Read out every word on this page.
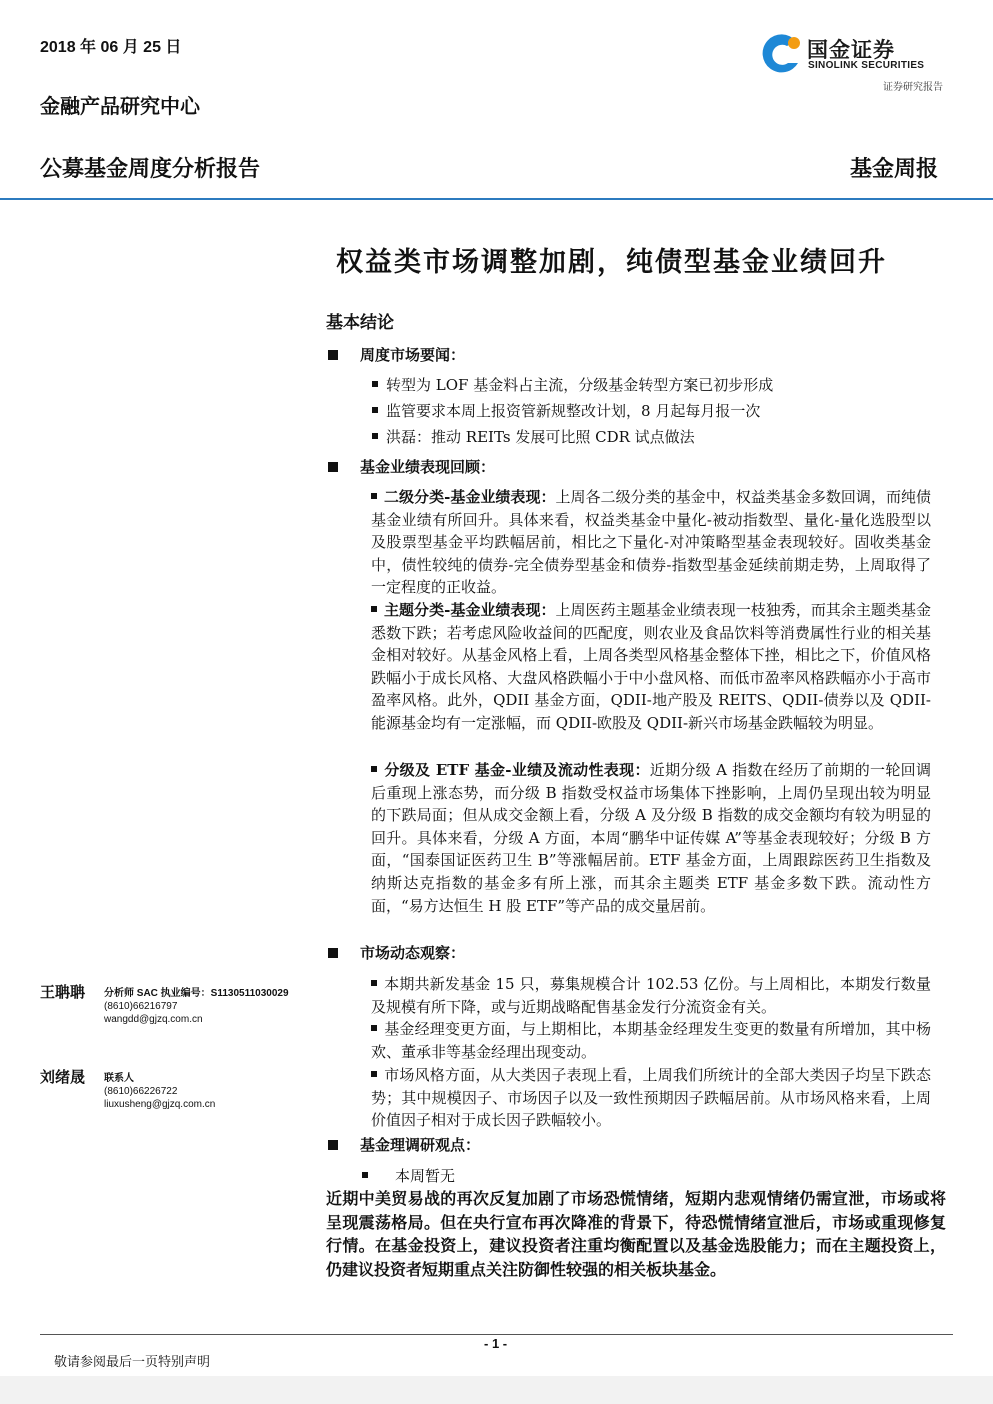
2018 年 06 月 25 日
金融产品研究中心
公募基金周度分析报告	基金周报
国金证券
SINOLINK SECURITIES
证券研究报告
权益类市场调整加剧，纯债型基金业绩回升
基本结论
周度市场要闻：
转型为 LOF 基金料占主流，分级基金转型方案已初步形成
监管要求本周上报资管新规整改计划，8 月起每月报一次
洪磊：推动 REITs 发展可比照 CDR 试点做法
基金业绩表现回顾：
二级分类-基金业绩表现：上周各二级分类的基金中，权益类基金多数回调，而纯债基金业绩有所回升。具体来看，权益类基金中量化-被动指数型、量化-量化选股型以及股票型基金平均跌幅居前，相比之下量化-对冲策略型基金表现较好。固收类基金中，债性较纯的债券-完全债券型基金和债券-指数型基金延续前期走势，上周取得了一定程度的正收益。
主题分类-基金业绩表现：上周医药主题基金业绩表现一枝独秀，而其余主题类基金悉数下跌；若考虑风险收益间的匹配度，则农业及食品饮料等消费属性行业的相关基金相对较好。从基金风格上看，上周各类型风格基金整体下挫，相比之下，价值风格跌幅小于成长风格、大盘风格跌幅小于中小盘风格、而低市盈率风格跌幅亦小于高市盈率风格。此外，QDII 基金方面，QDII-地产股及 REITS、QDII-债券以及 QDII-能源基金均有一定涨幅，而 QDII-欧股及 QDII-新兴市场基金跌幅较为明显。
分级及 ETF 基金-业绩及流动性表现：近期分级 A 指数在经历了前期的一轮回调后重现上涨态势，而分级 B 指数受权益市场集体下挫影响，上周仍呈现出较为明显的下跌局面；但从成交金额上看，分级 A 及分级 B 指数的成交金额均有较为明显的回升。具体来看，分级 A 方面，本周“鹏华中证传媒 A”等基金表现较好；分级 B 方面，“国泰国证医药卫生 B”等涨幅居前。ETF 基金方面，上周跟踪医药卫生指数及纳斯达克指数的基金多有所上涨，而其余主题类 ETF 基金多数下跌。流动性方面，“易方达恒生 H 股 ETF”等产品的成交量居前。
市场动态观察：
本期共新发基金 15 只，募集规模合计 102.53 亿份。与上周相比，本期发行数量及规模有所下降，或与近期战略配售基金发行分流资金有关。
基金经理变更方面，与上期相比，本期基金经理发生变更的数量有所增加，其中杨欢、董承非等基金经理出现变动。
市场风格方面，从大类因子表现上看，上周我们所统计的全部大类因子均呈下跌态势；其中规模因子、市场因子以及一致性预期因子跌幅居前。从市场风格来看，上周价值因子相对于成长因子跌幅较小。
基金理调研观点：
本周暂无
近期中美贸易战的再次反复加剧了市场恐慌情绪，短期内悲观情绪仍需宣泄，市场或将呈现震荡格局。但在央行宣布再次降准的背景下，待恐慌情绪宣泄后，市场或重现修复行情。在基金投资上，建议投资者注重均衡配置以及基金选股能力；而在主题投资上，仍建议投资者短期重点关注防御性较强的相关板块基金。
王聃聃 分析师 SAC 执业编号：S1130511030029
(8610)66216797
wangdd@gjzq.com.cn
刘绪晟 联系人
(8610)66226722
liuxusheng@gjzq.com.cn
- 1 -
敬请参阅最后一页特别声明
